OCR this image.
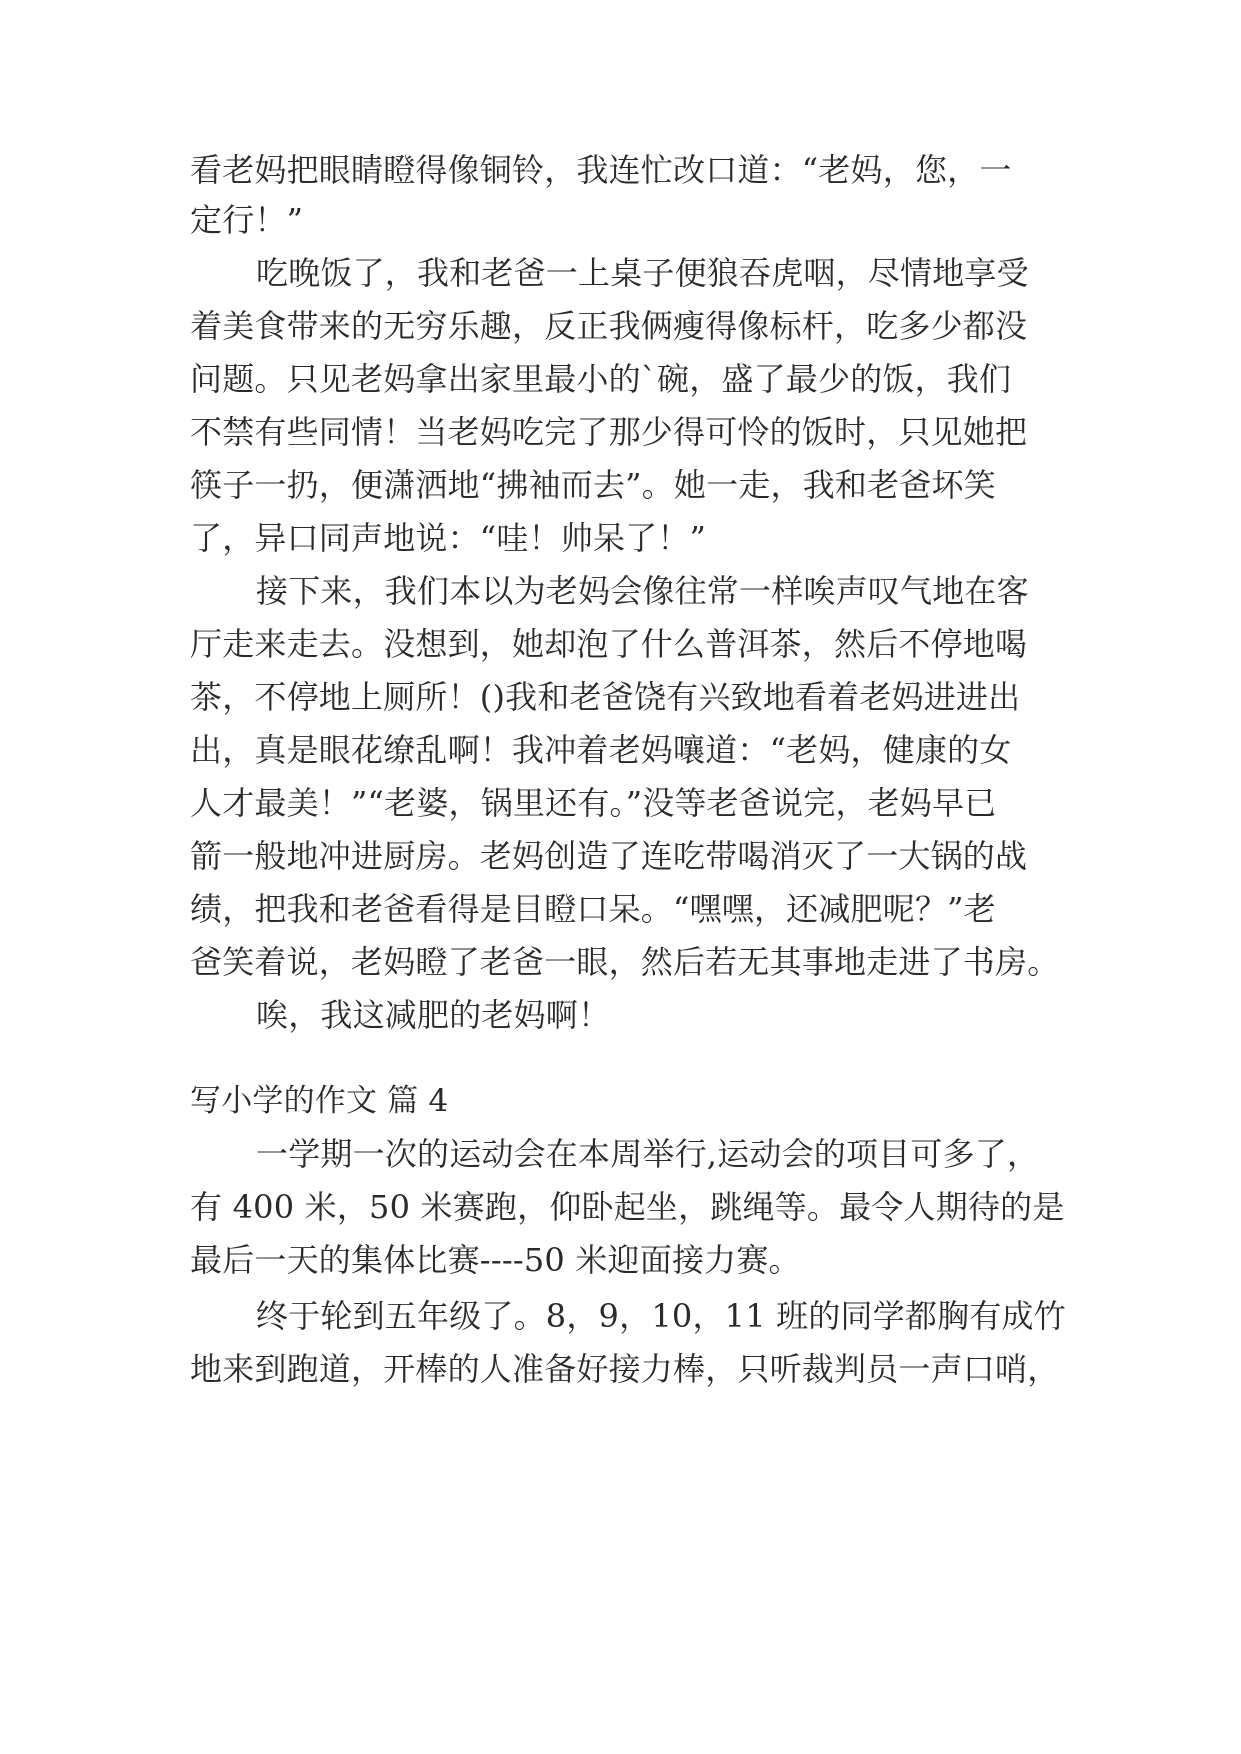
看老妈把眼睛瞪得像铜铃，我连忙改口道：“老妈，您，一
定行！”
吃晚饭了，我和老爸一上桌子便狼吞虎咽，尽情地享受
着美食带来的无穷乐趣，反正我俩瘦得像标杆，吃多少都没
问题。只见老妈拿出家里最小的`碗，盛了最少的饭，我们
不禁有些同情！当老妈吃完了那少得可怜的饭时，只见她把
筷子一扔，便潇洒地“拂袖而去”。她一走，我和老爸坏笑
了，异口同声地说：“哇！帅呆了！”
接下来，我们本以为老妈会像往常一样唉声叹气地在客
厅走来走去。没想到，她却泡了什么普洱茶，然后不停地喝
茶，不停地上厕所！()我和老爸饶有兴致地看着老妈进进出
出，真是眼花缭乱啊！我冲着老妈嚷道：“老妈，健康的女
人才最美！”“老婆，锅里还有。”没等老爸说完，老妈早已
箭一般地冲进厨房。老妈创造了连吃带喝消灭了一大锅的战
绩，把我和老爸看得是目瞪口呆。“嘿嘿，还减肥呢？”老
爸笑着说，老妈瞪了老爸一眼，然后若无其事地走进了书房。
唉，我这减肥的老妈啊！
写小学的作文 篇 4
一学期一次的运动会在本周举行,运动会的项目可多了，
有 400 米，50 米赛跑，仰卧起坐，跳绳等。最令人期待的是
最后一天的集体比赛----50 米迎面接力赛。
终于轮到五年级了。8，9，10，11 班的同学都胸有成竹
地来到跑道，开棒的人准备好接力棒，只听裁判员一声口哨，
